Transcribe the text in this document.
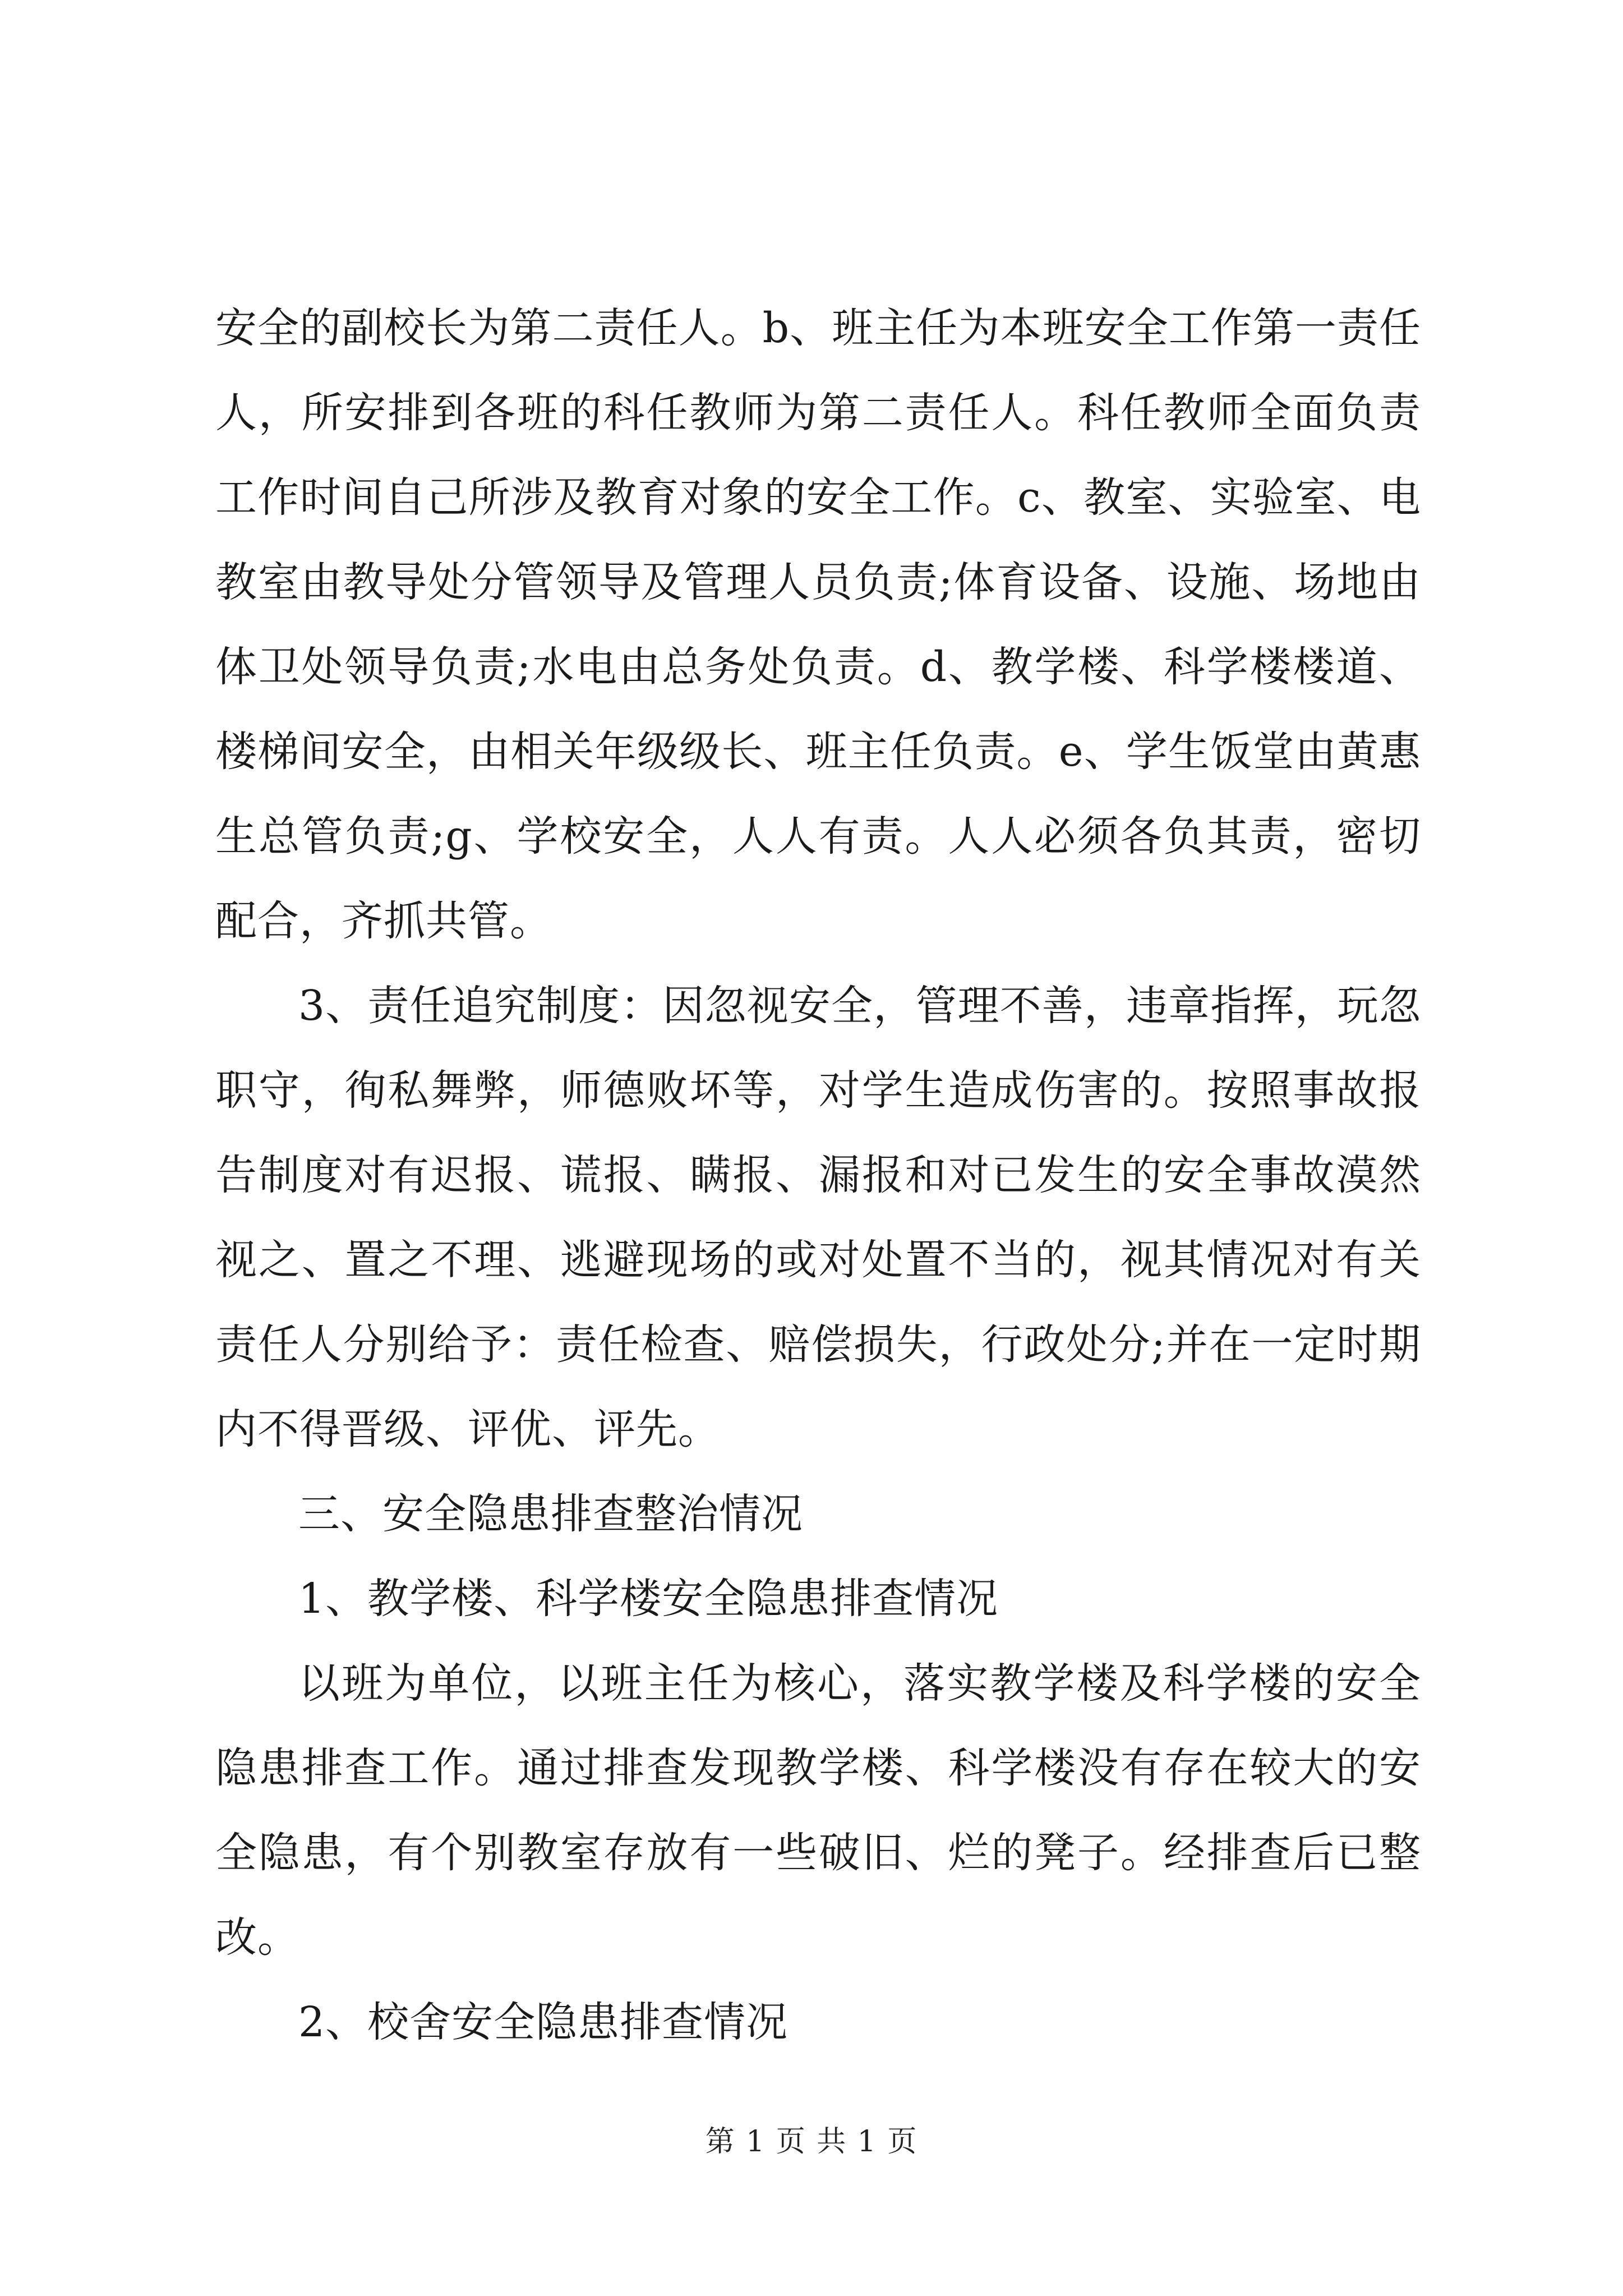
安全的副校长为第二责任人。b、班主任为本班安全工作第一责任人，所安排到各班的科任教师为第二责任人。科任教师全面负责工作时间自己所涉及教育对象的安全工作。c、教室、实验室、电教室由教导处分管领导及管理人员负责;体育设备、设施、场地由体卫处领导负责;水电由总务处负责。d、教学楼、科学楼楼道、楼梯间安全，由相关年级级长、班主任负责。e、学生饭堂由黄惠生总管负责;g、学校安全，人人有责。人人必须各负其责，密切配合，齐抓共管。

3、责任追究制度：因忽视安全，管理不善，违章指挥，玩忽职守，徇私舞弊，师德败坏等，对学生造成伤害的。按照事故报告制度对有迟报、谎报、瞒报、漏报和对已发生的安全事故漠然视之、置之不理、逃避现场的或对处置不当的，视其情况对有关责任人分别给予：责任检查、赔偿损失，行政处分;并在一定时期内不得晋级、评优、评先。

三、安全隐患排查整治情况

1、教学楼、科学楼安全隐患排查情况

以班为单位，以班主任为核心，落实教学楼及科学楼的安全隐患排查工作。通过排查发现教学楼、科学楼没有存在较大的安全隐患，有个别教室存放有一些破旧、烂的凳子。经排查后已整改。

2、校舍安全隐患排查情况

第 1 页 共 1 页
